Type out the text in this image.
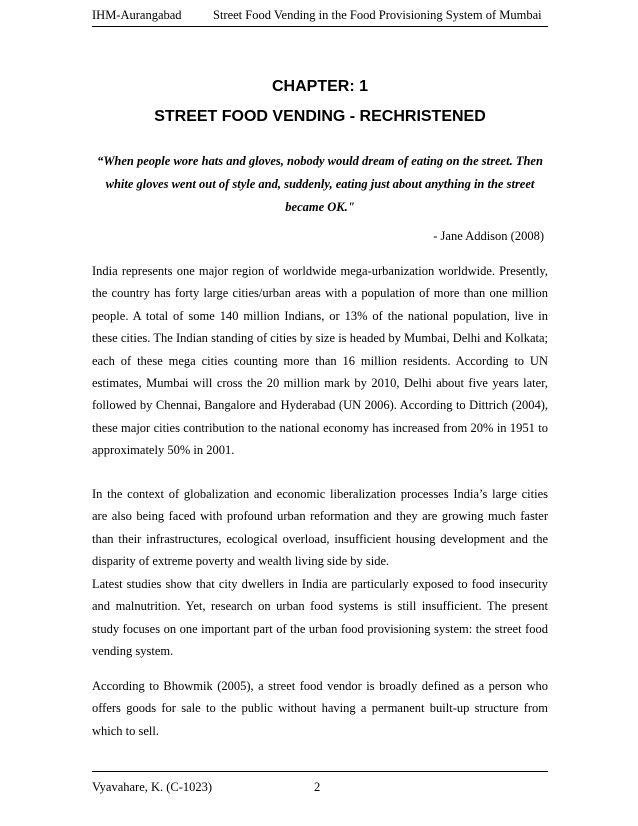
IHM-Aurangabad	Street Food Vending in the Food Provisioning System of Mumbai
CHAPTER: 1
STREET FOOD VENDING - RECHRISTENED
“When people wore hats and gloves, nobody would dream of eating on the street. Then white gloves went out of style and, suddenly, eating just about anything in the street became OK."
- Jane Addison (2008)

India represents one major region of worldwide mega-urbanization worldwide. Presently, the country has forty large cities/urban areas with a population of more than one million people. A total of some 140 million Indians, or 13% of the national population, live in these cities. The Indian standing of cities by size is headed by Mumbai, Delhi and Kolkata; each of these mega cities counting more than 16 million residents. According to UN estimates, Mumbai will cross the 20 million mark by 2010, Delhi about five years later, followed by Chennai, Bangalore and Hyderabad (UN 2006). According to Dittrich (2004), these major cities contribution to the national economy has increased from 20% in 1951 to approximately 50% in 2001.

In the context of globalization and economic liberalization processes India’s large cities are also being faced with profound urban reformation and they are growing much faster than their infrastructures, ecological overload, insufficient housing development and the disparity of extreme poverty and wealth living side by side.

Latest studies show that city dwellers in India are particularly exposed to food insecurity and malnutrition. Yet, research on urban food systems is still insufficient. The present study focuses on one important part of the urban food provisioning system: the street food vending system.

According to Bhowmik (2005), a street food vendor is broadly defined as a person who offers goods for sale to the public without having a permanent built-up structure from which to sell.

Vyavahare, K. (C-1023)	2
